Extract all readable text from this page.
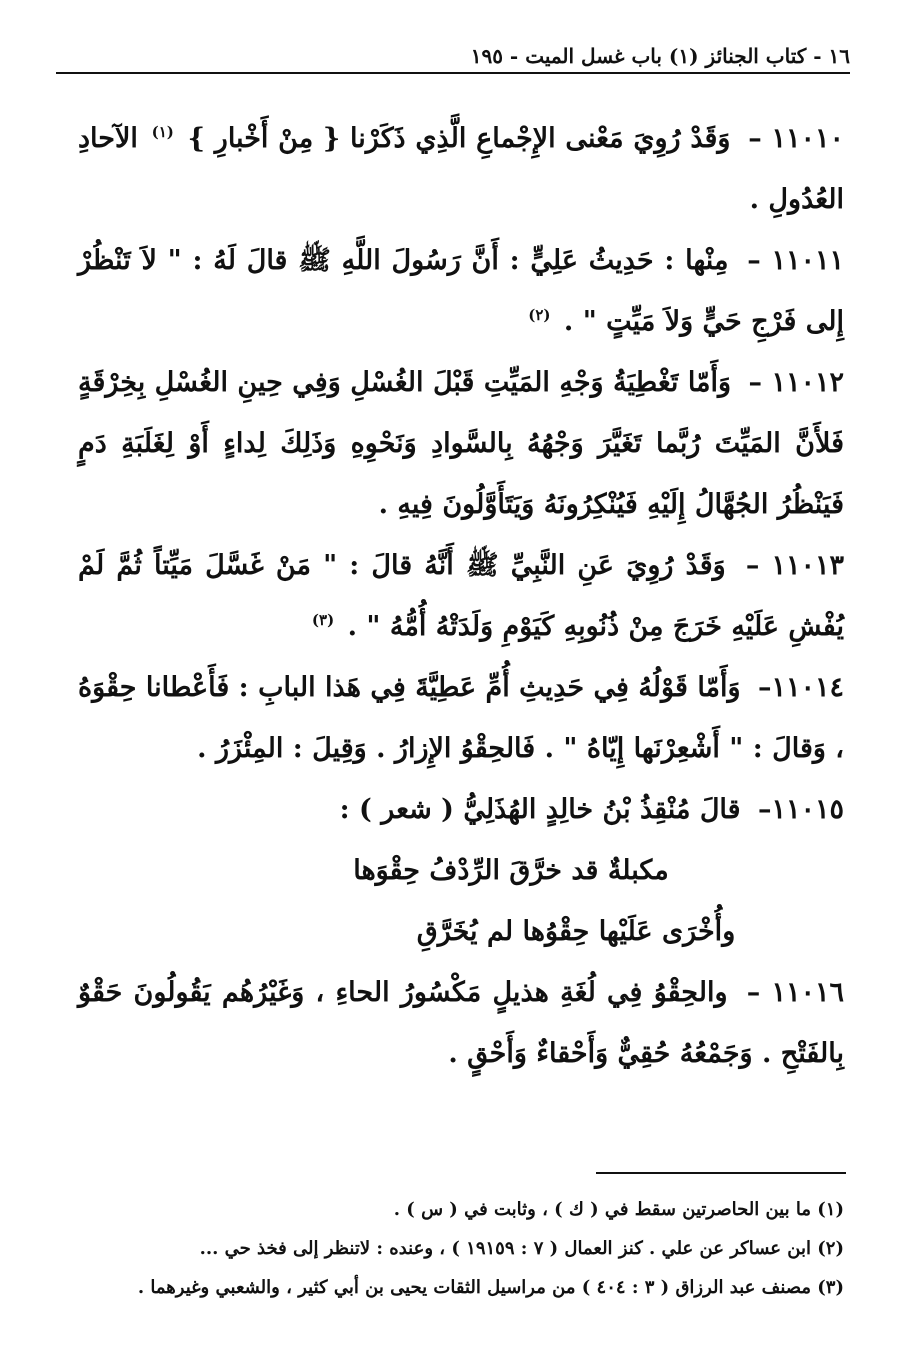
١٦ - كتاب الجنائز (١) باب غسل الميت - ١٩٥

١١٠١٠ – وَقَدْ رُوِيَ مَعْنى الإِجْماعِ الَّذِي ذَكَرْنا { مِنْ أَخْبارِ } $^{(١)}$ الآحادِ العُدُولِ .

١١٠١١ – مِنْها : حَدِيثُ عَلِيٍّ : أَنَّ رَسُولَ اللَّهِ ﷺ قالَ لَهُ : " لاَ تَنْظُرْ إِلى فَرْجِ حَيٍّ وَلاَ مَيِّتٍ " . $^{(٢)}$

١١٠١٢ – وَأَمّا تَغْطِيَةُ وَجْهِ المَيِّتِ قَبْلَ الغُسْلِ وَفِي حِينِ الغُسْلِ بِخِرْقَةٍ فَلأَنَّ المَيِّتَ رُبَّما تَغَيَّرَ وَجْهُهُ بِالسَّوادِ وَنَحْوِهِ وَذَلِكَ لِداءٍ أَوْ لِغَلَبَةِ دَمٍ فَيَنْظُرُ الجُهَّالُ إِلَيْهِ فَيُنْكِرُونَهُ وَيَتَأَوَّلُونَ فِيهِ .

١١٠١٣ – وَقَدْ رُوِيَ عَنِ النَّبِيِّ ﷺ أَنَّهُ قالَ : " مَنْ غَسَّلَ مَيِّتاً ثُمَّ لَمْ يُفْشِ عَلَيْهِ خَرَجَ مِنْ ذُنُوبِهِ كَيَوْمِ وَلَدَتْهُ أُمُّهُ " . $^{(٣)}$

١١٠١٤– وَأَمّا قَوْلُهُ فِي حَدِيثِ أُمِّ عَطِيَّةَ فِي هَذا البابِ : فَأَعْطانا حِقْوَهُ ، وَقالَ : " أَشْعِرْنَها إِيّاهُ " . فَالحِقْوُ الإِزارُ . وَقِيلَ : المِئْزَرُ .

١١٠١٥– قالَ مُنْقِذُ بْنُ خالِدٍ الهُذَلِيُّ ( شعر ) :

مكبلةٌ قد خرَّقَ الرِّدْفُ حِقْوَها
وأُخْرَى عَلَيْها حِقْوُها لم يُخَرَّقِ

١١٠١٦ – والحِقْوُ فِي لُغَةِ هذيلٍ مَكْسُورُ الحاءِ ، وَغَيْرُهُم يَقُولُونَ حَقْوٌ بِالفَتْحِ . وَجَمْعُهُ حُقِيٌّ وَأَحْقاءٌ وَأَحْقٍ .

(١) ما بين الحاصرتين سقط في ( ك ) ، وثابت في ( س ) .
(٢) ابن عساكر عن علي . كنز العمال ( ٧ : ١٩١٥٩ ) ، وعنده : لاتنظر إلى فخذ حي ...
(٣) مصنف عبد الرزاق ( ٣ : ٤٠٤ ) من مراسيل الثقات يحيى بن أبي كثير ، والشعبي وغيرهما .
